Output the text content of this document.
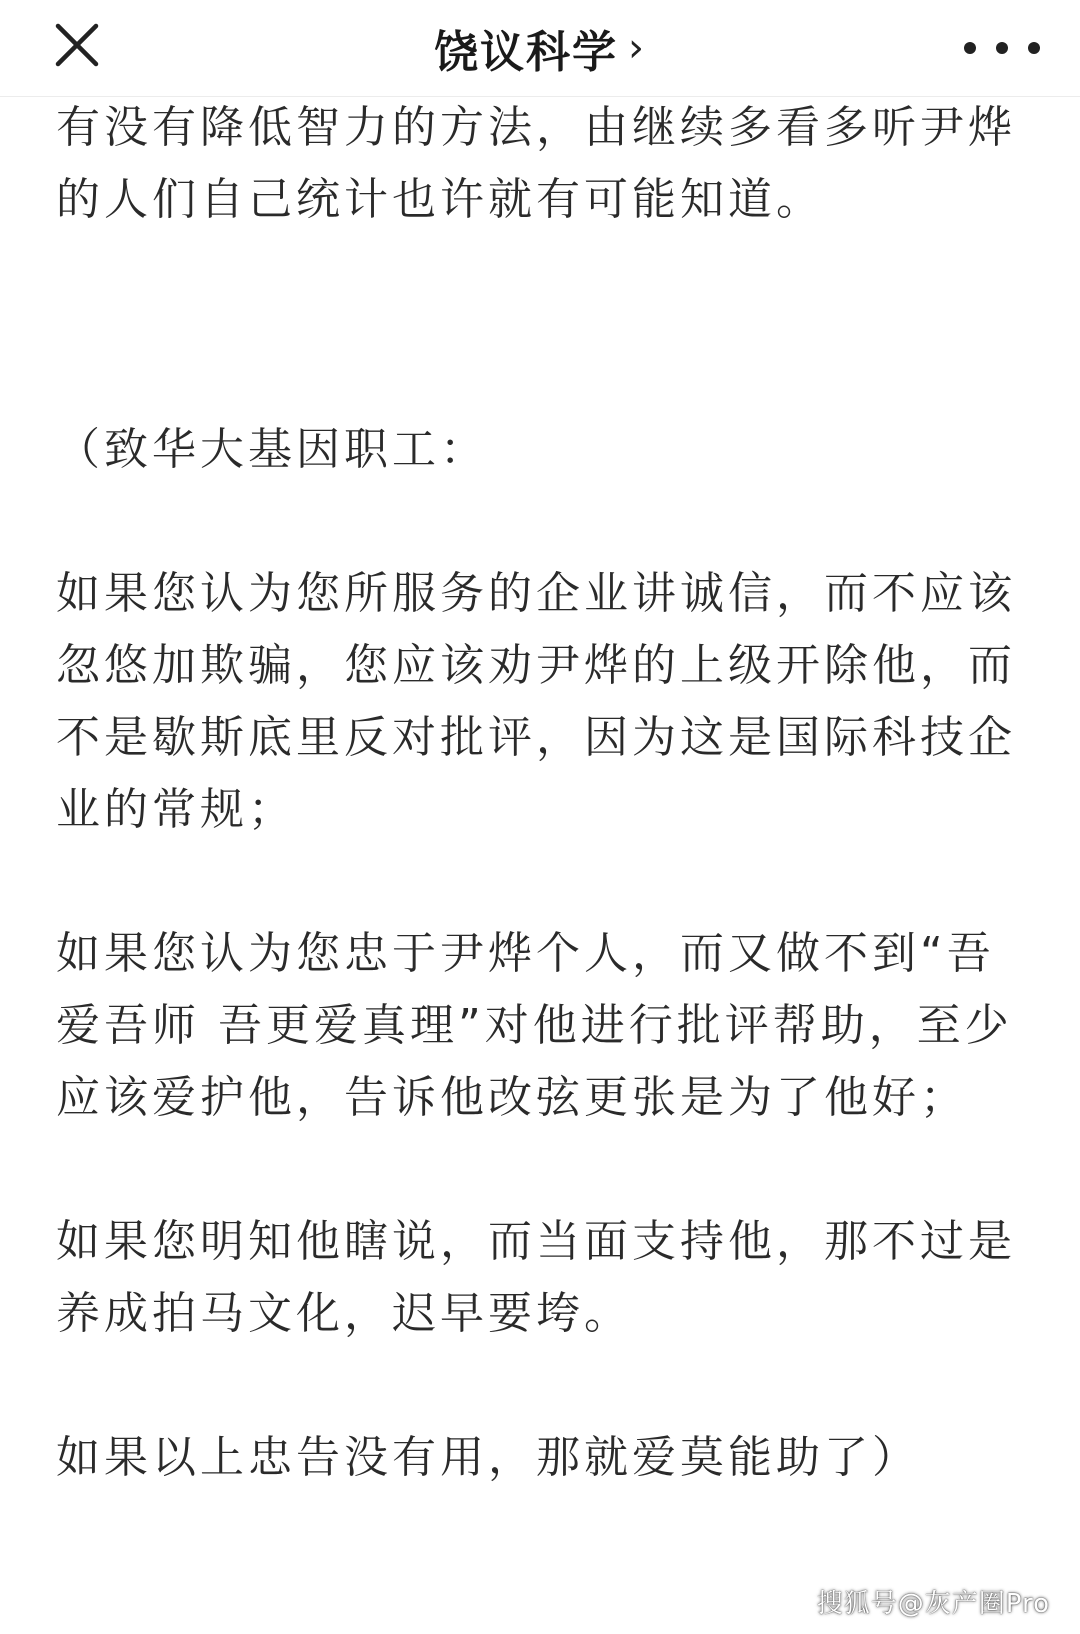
饶议科学 ›

有没有降低智力的方法，由继续多看多听尹烨的人们自己统计也许就有可能知道。

（致华大基因职工：

如果您认为您所服务的企业讲诚信，而不应该忽悠加欺骗，您应该劝尹烨的上级开除他，而不是歇斯底里反对批评，因为这是国际科技企业的常规；

如果您认为您忠于尹烨个人，而又做不到“吾爱吾师 吾更爱真理”对他进行批评帮助，至少应该爱护他，告诉他改弦更张是为了他好；

如果您明知他瞎说，而当面支持他，那不过是养成拍马文化，迟早要垮。

如果以上忠告没有用，那就爱莫能助了）

搜狐号@灰产圈Pro
